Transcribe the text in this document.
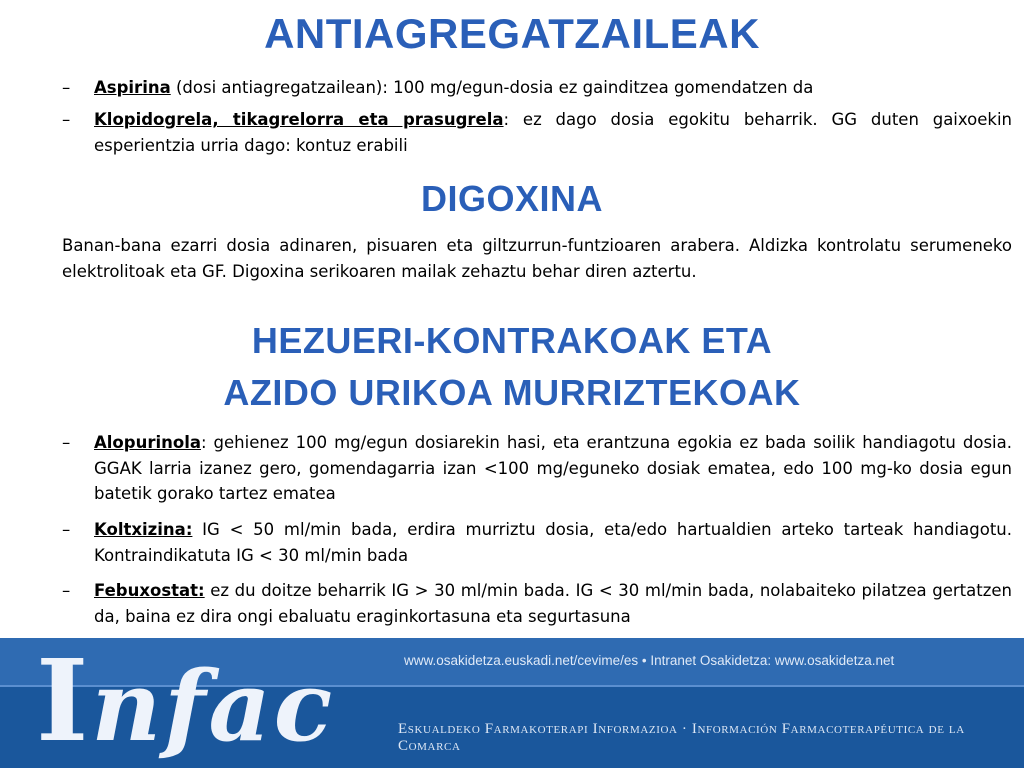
ANTIAGREGATZAILEAK
– Aspirina (dosi antiagregatzailean): 100 mg/egun-dosia ez gainditzea gomendatzen da
– Klopidogrela, tikagrelorra eta prasugrela: ez dago dosia egokitu beharrik. GG duten gaixoekin esperientzia urria dago: kontuz erabili
DIGOXINA
Banan-bana ezarri dosia adinaren, pisuaren eta giltzurrun-funtzioaren arabera. Aldizka kontrolatu serumeneko elektrolitoak eta GF. Digoxina serikoaren mailak zehaztu behar diren aztertu.
HEZUERI-KONTRAKOAK ETA
AZIDO URIKOA MURRIZTEKOAK
– Alopurinola: gehienez 100 mg/egun dosiarekin hasi, eta erantzuna egokia ez bada soilik handiagotu dosia. GGAK larria izanez gero, gomendagarria izan <100 mg/eguneko dosiak ematea, edo 100 mg-ko dosia egun batetik gorako tartez ematea
– Koltxizina: IG < 50 ml/min bada, erdira murriztu dosia, eta/edo hartualdien arteko tarteak handiagotu. Kontraindikatuta IG < 30 ml/min bada
– Febuxostat: ez du doitze beharrik IG > 30 ml/min bada. IG < 30 ml/min bada, nolabaiteko pilatzea gertatzen da, baina ez dira ongi ebaluatu eraginkortasuna eta segurtasuna
Infac	www.osakidetza.euskadi.net/cevime/es • Intranet Osakidetza: www.osakidetza.net
Eskualdeko Farmakoterapi Informazioa · Información Farmacoterapéutica de la Comarca
